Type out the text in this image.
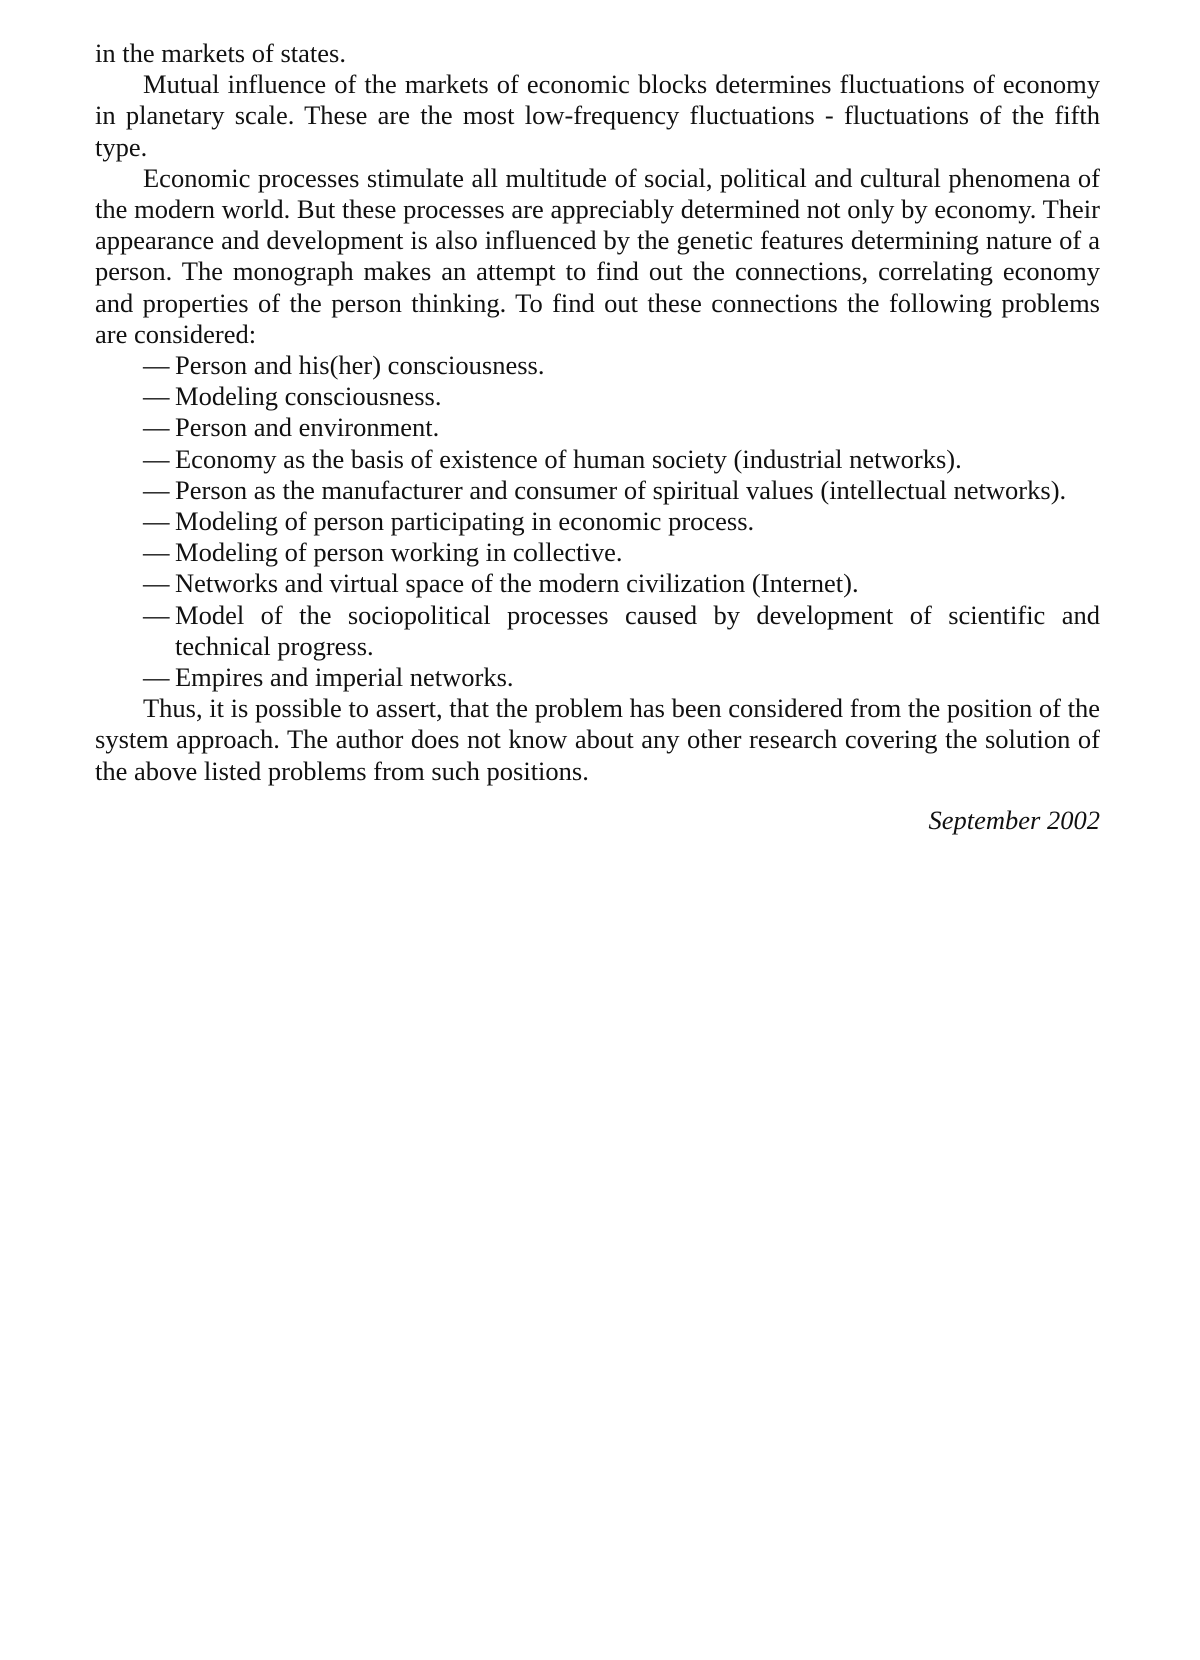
in the markets of states.

Mutual influence of the markets of economic blocks determines fluctuations of economy in planetary scale. These are the most low-frequency fluctuations - fluctuations of the fifth type.

Economic processes stimulate all multitude of social, political and cultural phenomena of the modern world. But these processes are appreciably determined not only by economy. Their appearance and development is also influenced by the genetic features determining nature of a person. The monograph makes an attempt to find out the connections, correlating economy and properties of the person thinking. To find out these connections the following problems are considered:

— Person and his(her) consciousness.
— Modeling consciousness.
— Person and environment.
— Economy as the basis of existence of human society (industrial networks).
— Person as the manufacturer and consumer of spiritual values (intellectual networks).
— Modeling of person participating in economic process.
— Modeling of person working in collective.
— Networks and virtual space of the modern civilization (Internet).
— Model of the sociopolitical processes caused by development of scientific and technical progress.
— Empires and imperial networks.

Thus, it is possible to assert, that the problem has been considered from the position of the system approach. The author does not know about any other research covering the solution of the above listed problems from such positions.

September 2002
